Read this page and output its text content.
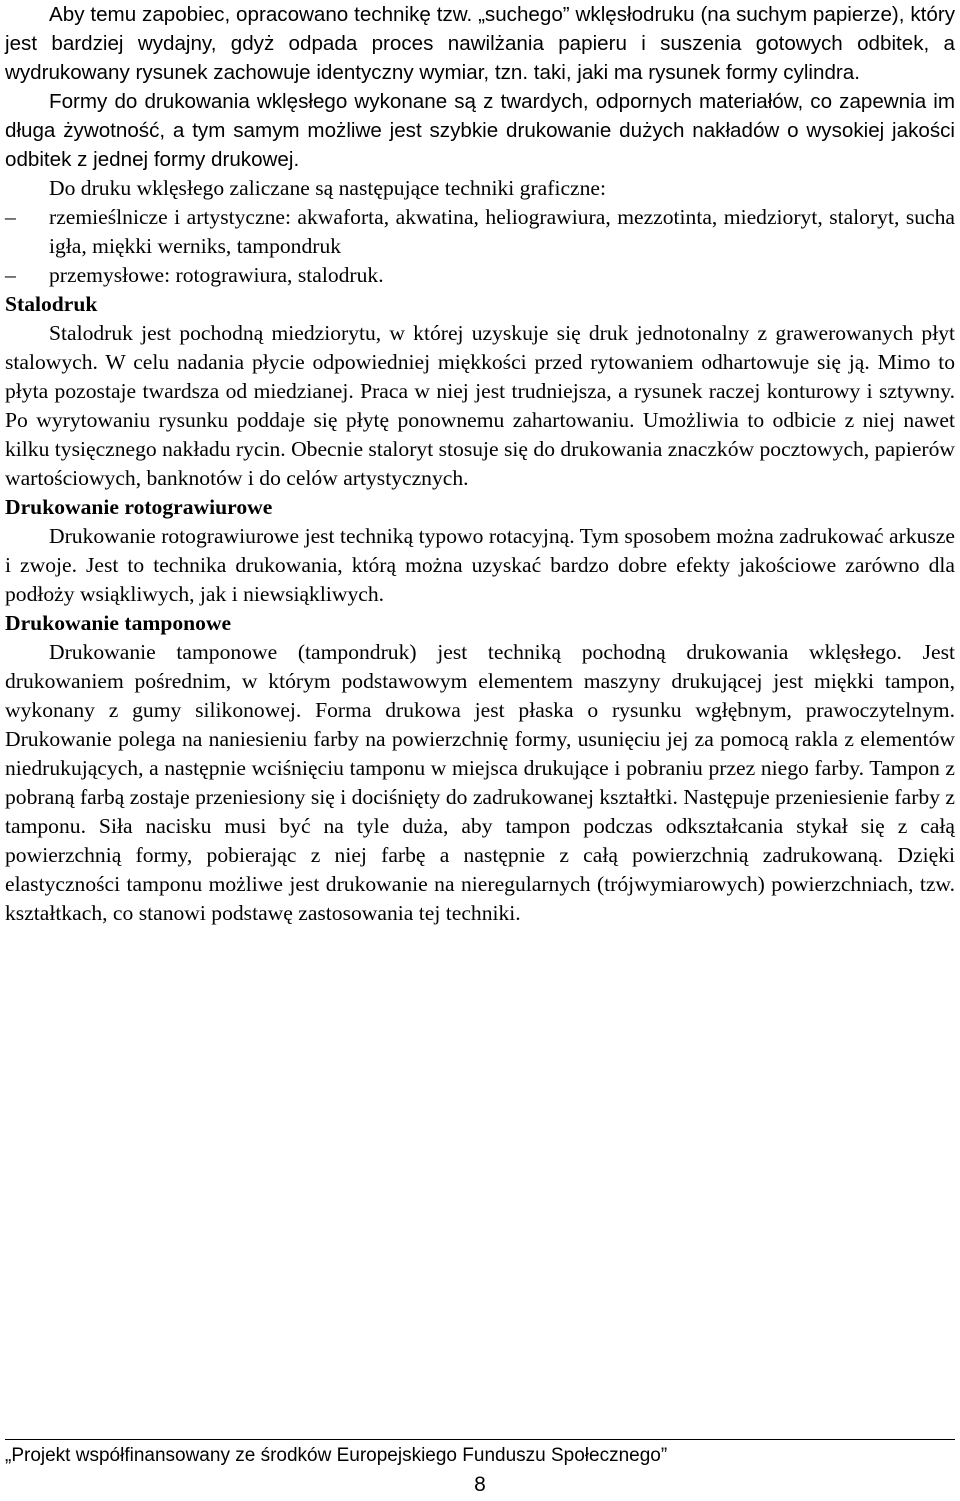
Aby temu zapobiec, opracowano technikę tzw. „suchego” wklęsłodruku (na suchym papierze), który jest bardziej wydajny, gdyż odpada proces nawilżania papieru i suszenia gotowych odbitek, a wydrukowany rysunek zachowuje identyczny wymiar, tzn. taki, jaki ma rysunek formy cylindra.

Formy do drukowania wklęsłego wykonane są z twardych, odpornych materiałów, co zapewnia im długa żywotność, a tym samym możliwe jest szybkie drukowanie dużych nakładów o wysokiej jakości odbitek z jednej formy drukowej.

Do druku wklęsłego zaliczane są następujące techniki graficzne:

– rzemieślnicze i artystyczne: akwaforta, akwatina, heliograwiura, mezzotinta, miedzioryt, staloryt, sucha igła, miękki werniks, tampondruk
– przemysłowe: rotograwiura, stalodruk.
Stalodruk

Stalodruk jest pochodną miedziorytu, w której uzyskuje się druk jednotonalny z grawerowanych płyt stalowych. W celu nadania płycie odpowiedniej miękkości przed rytowaniem odhartowuje się ją. Mimo to płyta pozostaje twardsza od miedzianej. Praca w niej jest trudniejsza, a rysunek raczej konturowy i sztywny. Po wyrytowaniu rysunku poddaje się płytę ponownemu zahartowaniu. Umożliwia to odbicie z niej nawet kilku tysięcznego nakładu rycin. Obecnie staloryt stosuje się do drukowania znaczków pocztowych, papierów wartościowych, banknotów i do celów artystycznych.

Drukowanie rotograwiurowe

Drukowanie rotograwiurowe jest techniką typowo rotacyjną. Tym sposobem można zadrukować arkusze i zwoje. Jest to technika drukowania, którą można uzyskać bardzo dobre efekty jakościowe zarówno dla podłoży wsiąkliwych, jak i niewsiąkliwych.

Drukowanie tamponowe

Drukowanie tamponowe (tampondruk) jest techniką pochodną drukowania wklęsłego. Jest drukowaniem pośrednim, w którym podstawowym elementem maszyny drukującej jest miękki tampon, wykonany z gumy silikonowej. Forma drukowa jest płaska o rysunku wgłębnym, prawoczytelnym. Drukowanie polega na naniesieniu farby na powierzchnię formy, usunięciu jej za pomocą rakla z elementów niedrukujących, a następnie wciśnięciu tamponu w miejsca drukujące i pobraniu przez niego farby. Tampon z pobraną farbą zostaje przeniesiony się i dociśnięty do zadrukowanej kształtki. Następuje przeniesienie farby z tamponu. Siła nacisku musi być na tyle duża, aby tampon podczas odkształcania stykał się z całą powierzchnią formy, pobierając z niej farbę a następnie z całą powierzchnią zadrukowaną. Dzięki elastyczności tamponu możliwe jest drukowanie na nieregularnych (trójwymiarowych) powierzchniach, tzw. kształtkach, co stanowi podstawę zastosowania tej techniki.

„Projekt współfinansowany ze środków Europejskiego Funduszu Społecznego”
8
